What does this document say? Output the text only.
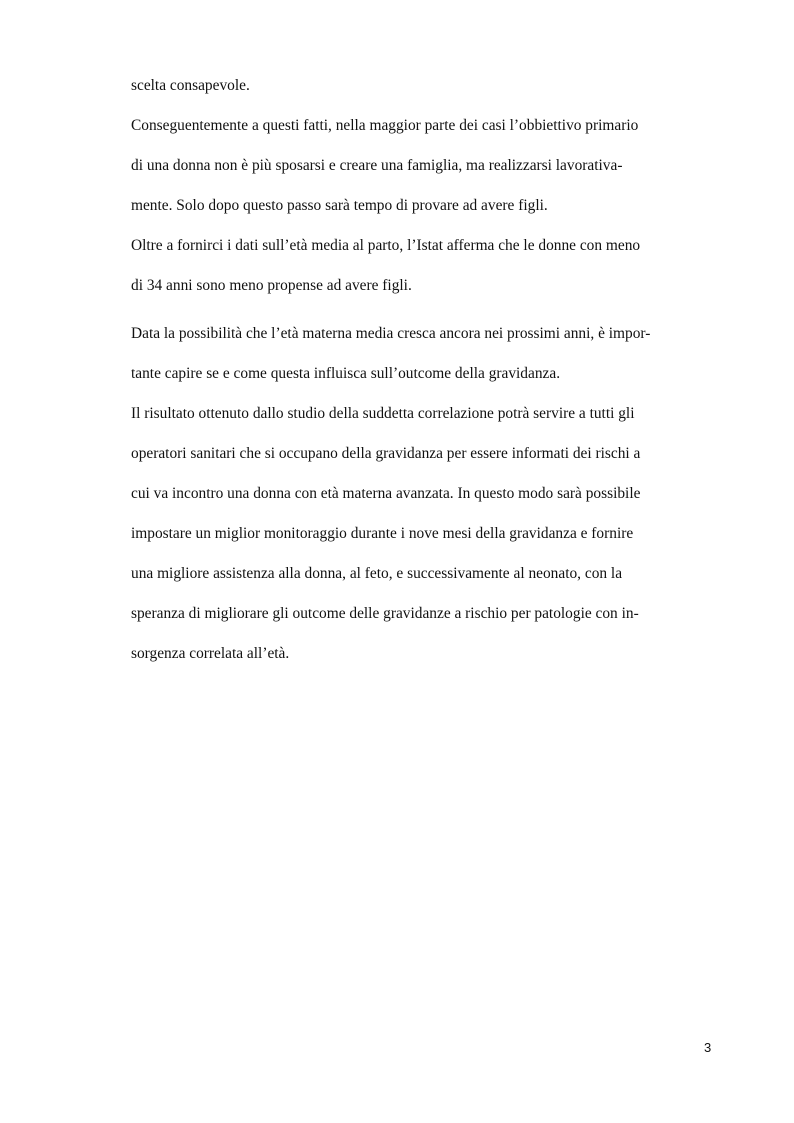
scelta consapevole.
Conseguentemente a questi fatti, nella maggior parte dei casi l’obbiettivo primario
di una donna non è più sposarsi e creare una famiglia, ma realizzarsi lavorativa-
mente. Solo dopo questo passo sarà tempo di provare ad avere figli.
Oltre a fornirci i dati sull’età media al parto, l’Istat afferma che le donne con meno
di 34 anni sono meno propense ad avere figli.
Data la possibilità che l’età materna media cresca ancora nei prossimi anni, è impor-
tante capire se e come questa influisca sull’outcome della gravidanza.
Il risultato ottenuto dallo studio della suddetta correlazione potrà servire a tutti gli
operatori sanitari che si occupano della gravidanza per essere informati dei rischi a
cui va incontro una donna con età materna avanzata. In questo modo sarà possibile
impostare un miglior monitoraggio durante i nove mesi della gravidanza e fornire
una migliore assistenza alla donna, al feto, e successivamente al neonato, con la
speranza di migliorare gli outcome delle gravidanze a rischio per patologie con in-
sorgenza correlata all’età.
3
